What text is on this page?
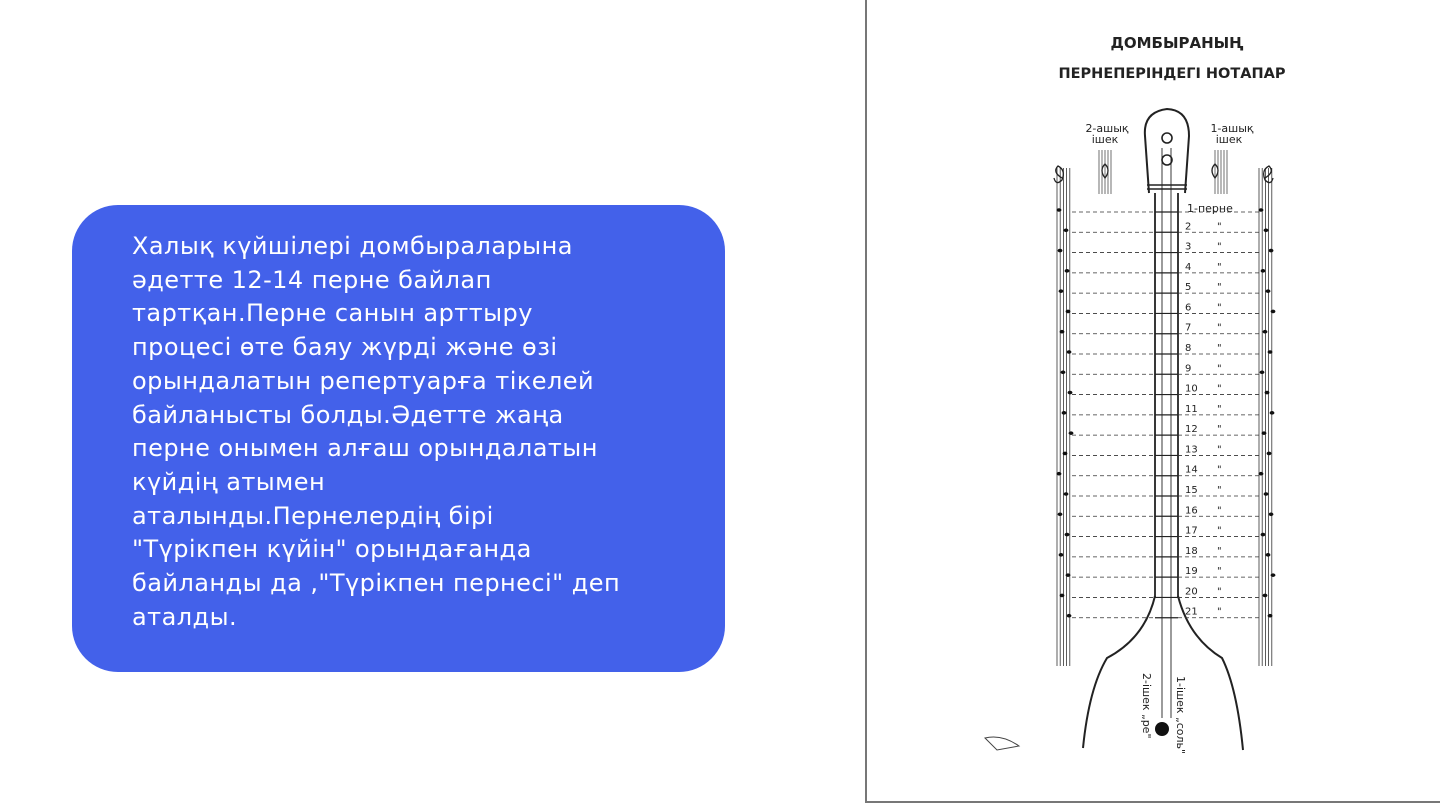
Халық күйшілері домбыраларына
әдетте 12-14 перне байлап
тартқан.Перне санын арттыру
процесі өте баяу жүрді және өзі
орындалатын репертуарға тікелей
байланысты болды.Әдетте жаңа
перне онымен алғаш орындалатын
күйдің атымен
аталынды.Пернелердің бірі
"Түрікпен күйін" орындағанда
байланды да ,"Түрікпен пернесі" деп
аталды.

ДОМБЫРАНЫҢ
ПЕРНЕПЕРІНДЕГІ НОТАПАР
2-ашық
ішек
1-ашық
ішек
2	"
3	"
4	"
5	"
6	"
7	"
8	"
9	"
10 "
11 "
12 "
13 "
14 "
15 "
16 "
17 "
18 "
19 "
20 "
21 "
1-перне
1-ішек „соль"
2-ішек „ре"
